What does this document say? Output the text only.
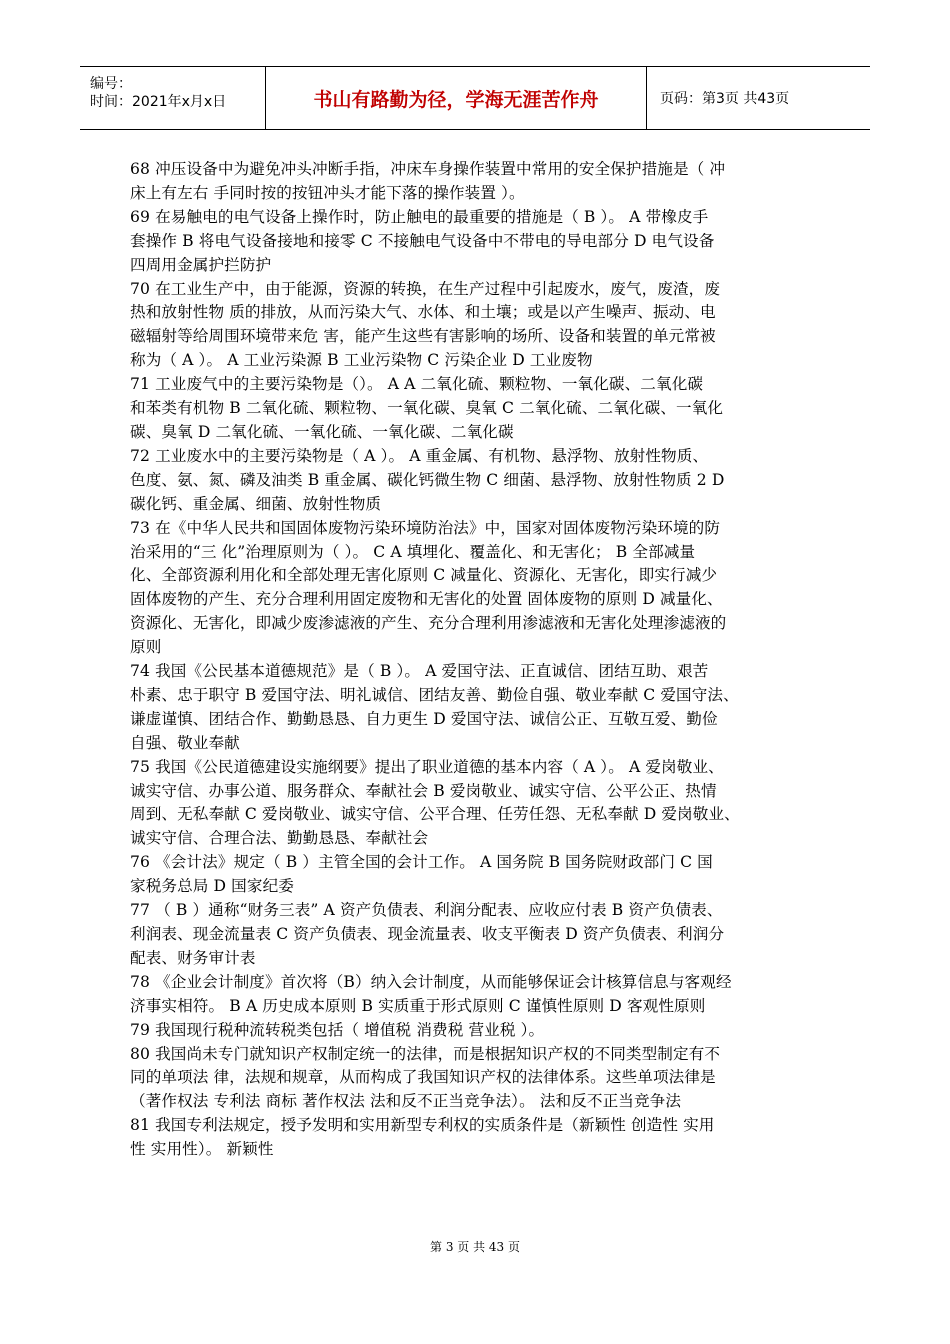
编号：
时间：2021年x月x日	书山有路勤为径，学海无涯苦作舟	页码：第3页 共43页

68 冲压设备中为避免冲头冲断手指，冲床车身操作装置中常用的安全保护措施是（ 冲

床上有左右 手同时按的按钮冲头才能下落的操作装置 ）。

69 在易触电的电气设备上操作时，防止触电的最重要的措施是（ B ）。 A 带橡皮手

套操作 B 将电气设备接地和接零 C 不接触电气设备中不带电的导电部分 D 电气设备

四周用金属护拦防护

70 在工业生产中，由于能源，资源的转换，在生产过程中引起废水，废气，废渣，废

热和放射性物 质的排放，从而污染大气、水体、和土壤；或是以产生噪声、振动、电

磁辐射等给周围环境带来危 害，能产生这些有害影响的场所、设备和装置的单元常被

称为（ A ）。 A 工业污染源 B 工业污染物 C 污染企业 D 工业废物

71 工业废气中的主要污染物是（）。 A A 二氧化硫、颗粒物、一氧化碳、二氧化碳

和苯类有机物 B 二氧化硫、颗粒物、一氧化碳、臭氧 C 二氧化硫、二氧化碳、一氧化

碳、臭氧 D 二氧化硫、一氧化硫、一氧化碳、二氧化碳

72 工业废水中的主要污染物是（ A ）。 A 重金属、有机物、悬浮物、放射性物质、

色度、氨、氮、磷及油类 B 重金属、碳化钙微生物 C 细菌、悬浮物、放射性物质 2 D

碳化钙、重金属、细菌、放射性物质

73 在《中华人民共和国固体废物污染环境防治法》中，国家对固体废物污染环境的防

治采用的“三 化”治理原则为（ ）。 C A 填埋化、覆盖化、和无害化； B 全部减量

化、全部资源利用化和全部处理无害化原则 C 减量化、资源化、无害化，即实行减少

固体废物的产生、充分合理利用固定废物和无害化的处置 固体废物的原则 D 减量化、

资源化、无害化，即减少废渗滤液的产生、充分合理利用渗滤液和无害化处理渗滤液的

原则

74 我国《公民基本道德规范》是（ B ）。 A 爱国守法、正直诚信、团结互助、艰苦

朴素、忠于职守 B 爱国守法、明礼诚信、团结友善、勤俭自强、敬业奉献 C 爱国守法、

谦虚谨慎、团结合作、勤勤恳恳、自力更生 D 爱国守法、诚信公正、互敬互爱、勤俭

自强、敬业奉献

75 我国《公民道德建设实施纲要》提出了职业道德的基本内容（ A ）。 A 爱岗敬业、

诚实守信、办事公道、服务群众、奉献社会 B 爱岗敬业、诚实守信、公平公正、热情

周到、无私奉献 C 爱岗敬业、诚实守信、公平合理、任劳任怨、无私奉献 D 爱岗敬业、

诚实守信、合理合法、勤勤恳恳、奉献社会

76 《会计法》规定（ B ）主管全国的会计工作。 A 国务院 B 国务院财政部门 C 国

家税务总局 D 国家纪委

77 （ B ）通称“财务三表” A 资产负债表、利润分配表、应收应付表 B 资产负债表、

利润表、现金流量表 C 资产负债表、现金流量表、收支平衡表 D 资产负债表、利润分

配表、财务审计表

78 《企业会计制度》首次将（B）纳入会计制度，从而能够保证会计核算信息与客观经

济事实相符。 B A 历史成本原则 B 实质重于形式原则 C 谨慎性原则 D 客观性原则

79 我国现行税种流转税类包括（ 增值税 消费税 营业税 ）。

80 我国尚未专门就知识产权制定统一的法律，而是根据知识产权的不同类型制定有不

同的单项法 律，法规和规章，从而构成了我国知识产权的法律体系。这些单项法律是

（著作权法 专利法 商标 著作权法 法和反不正当竞争法）。 法和反不正当竞争法

81 我国专利法规定，授予发明和实用新型专利权的实质条件是（新颖性 创造性 实用

性 实用性）。 新颖性

第 3 页 共 43 页
